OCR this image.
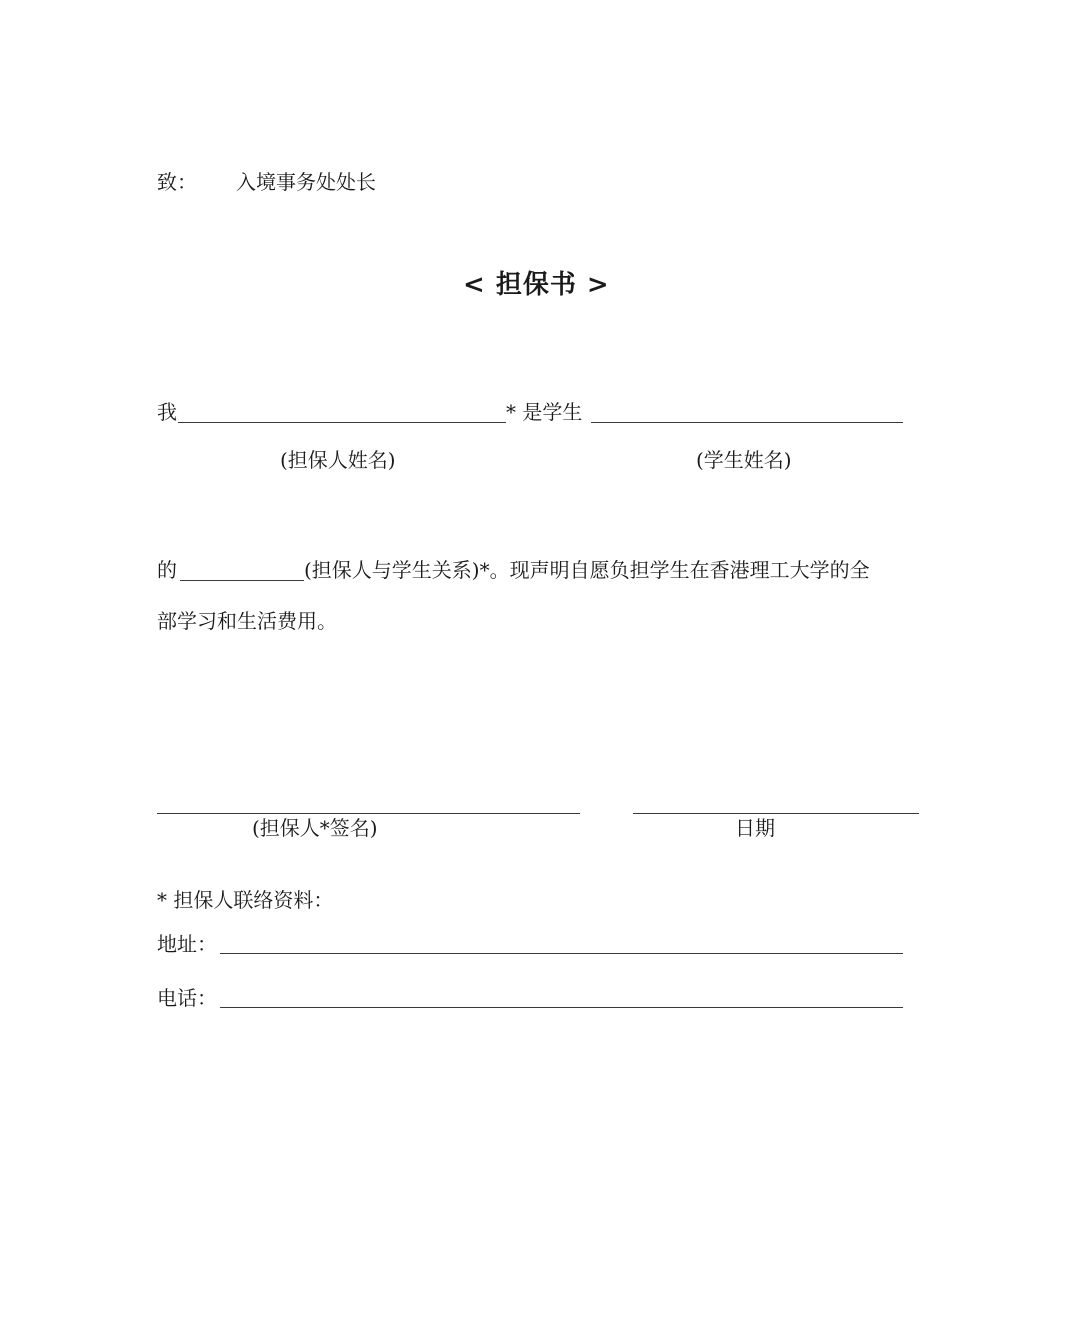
致： 入境事务处处长
< 担保书 >
我	* 是学生
(担保人姓名)	(学生姓名)
的	(担保人与学生关系)*。现声明自愿负担学生在香港理工大学的全
部学习和生活费用。
(担保人*签名)	日期
* 担保人联络资料：
地址：
电话：
